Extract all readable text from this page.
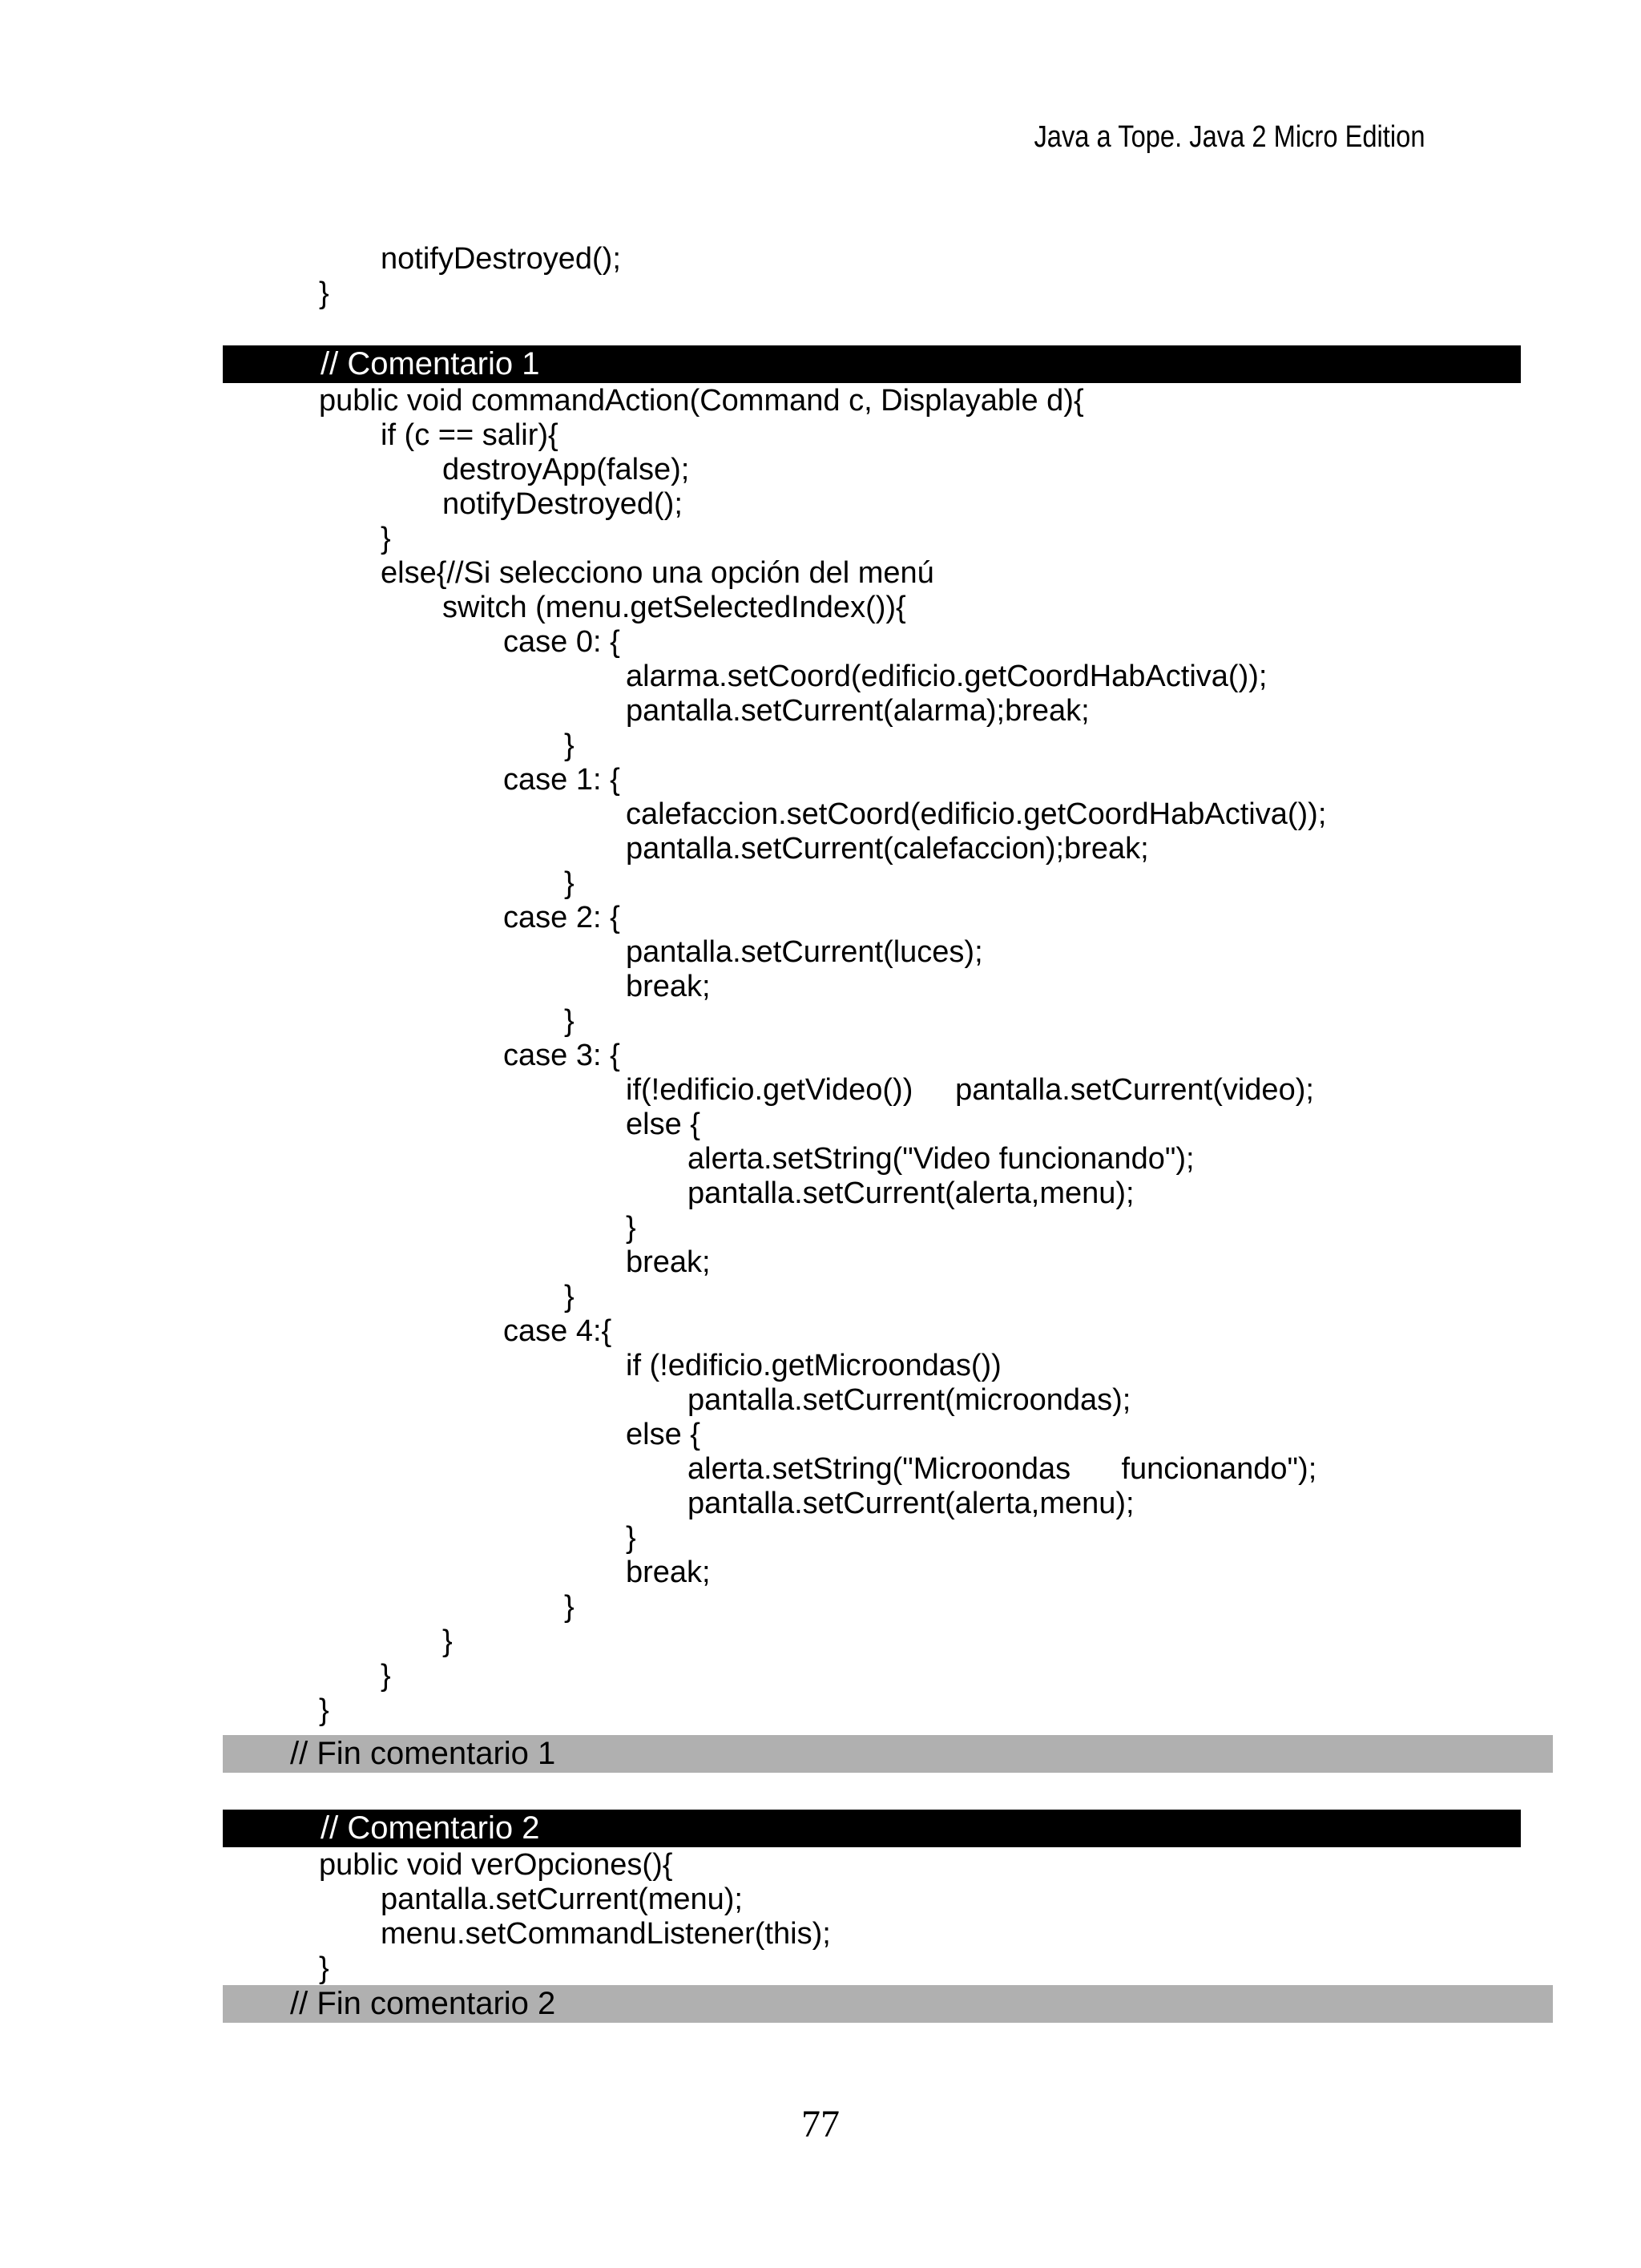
Java a Tope. Java 2 Micro Edition
notifyDestroyed();
}
// Comentario 1
public void commandAction(Command c, Displayable d){
if (c == salir){
destroyApp(false);
notifyDestroyed();
}
else{//Si selecciono una opción del menú
switch (menu.getSelectedIndex()){
case 0: {
alarma.setCoord(edificio.getCoordHabActiva());
pantalla.setCurrent(alarma);break;
}
case 1: {
calefaccion.setCoord(edificio.getCoordHabActiva());
pantalla.setCurrent(calefaccion);break;
}
case 2: {
pantalla.setCurrent(luces);
break;
}
case 3: {
if(!edificio.getVideo())     pantalla.setCurrent(video);
else {
alerta.setString("Video funcionando");
pantalla.setCurrent(alerta,menu);
}
break;
}
case 4:{
if (!edificio.getMicroondas())
pantalla.setCurrent(microondas);
else {
alerta.setString("Microondas      funcionando");
pantalla.setCurrent(alerta,menu);
}
break;
}
}
}
}
// Fin comentario 1
// Comentario 2
public void verOpciones(){
pantalla.setCurrent(menu);
menu.setCommandListener(this);
}
// Fin comentario 2
77
